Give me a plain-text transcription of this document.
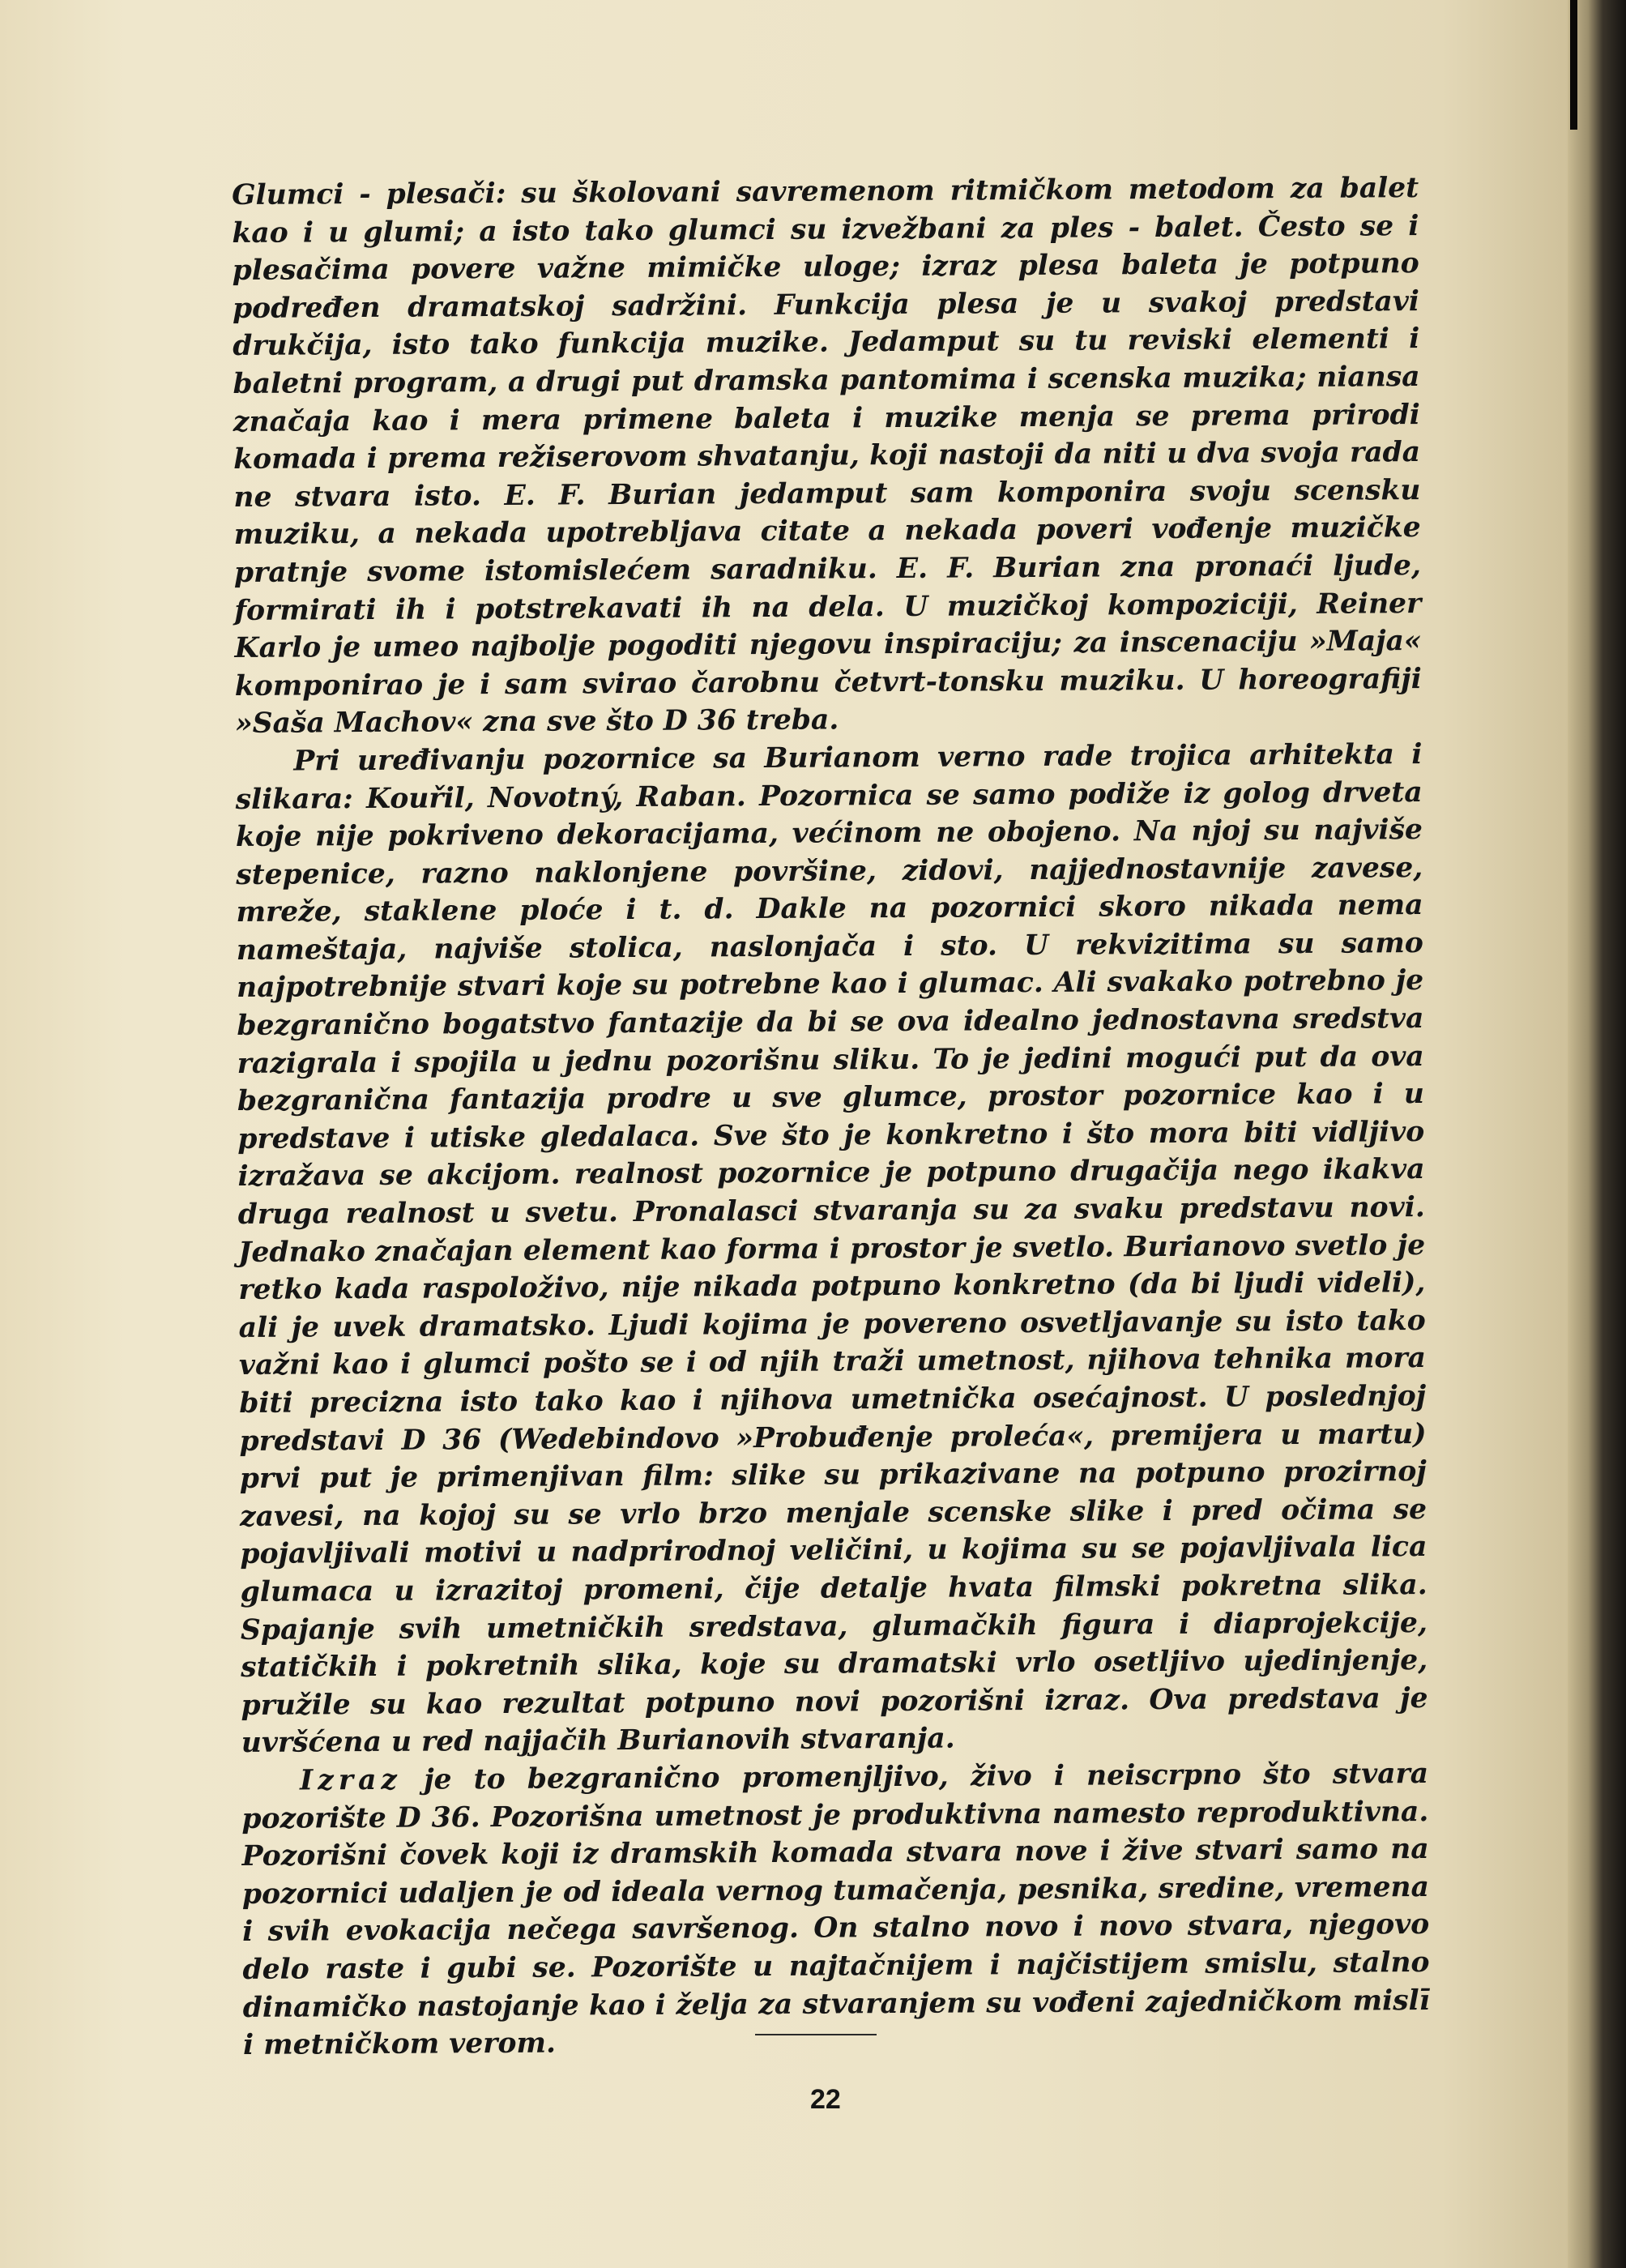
Glumci - plesači: su školovani savremenom ritmičkom metodom za balet kao i u glumi; a isto tako glumci su izvežbani za ples - balet. Često se i plesačima povere važne mimičke uloge; izraz plesa baleta je potpuno podređen dramatskoj sadržini. Funkcija plesa je u svakoj predstavi drukčija, isto tako funkcija muzike. Jedamput su tu reviski elementi i baletni program, a drugi put dramska pantomima i scenska muzika; niansa značaja kao i mera primene baleta i muzike menja se prema prirodi komada i prema režiserovom shvatanju, koji nastoji da niti u dva svoja rada ne stvara isto. E. F. Burian jedamput sam komponira svoju scensku muziku, a nekada upotrebljava citate a nekada poveri vođenje muzičke pratnje svome istomislećem saradniku. E. F. Burian zna pronaći ljude, formirati ih i potstrekavati ih na dela. U muzičkoj kompoziciji, Reiner Karlo je umeo najbolje pogoditi njegovu inspiraciju; za inscenaciju »Maja« komponirao je i sam svirao čarobnu četvrt-tonsku muziku. U horeografiji »Saša Machov« zna sve što D 36 treba.

Pri uređivanju pozornice sa Burianom verno rade trojica arhitekta i slikara: Kouřil, Novotný, Raban. Pozornica se samo podiže iz golog drveta koje nije pokriveno dekoracijama, većinom ne obojeno. Na njoj su najviše stepenice, razno naklonjene površine, zidovi, najjednostavnije zavese, mreže, staklene ploće i t. d. Dakle na pozornici skoro nikada nema nameštaja, najviše stolica, naslonjača i sto. U rekvizitima su samo najpotrebnije stvari koje su potrebne kao i glumac. Ali svakako potrebno je bezgranično bogatstvo fantazije da bi se ova idealno jednostavna sredstva razigrala i spojila u jednu pozorišnu sliku. To je jedini mogući put da ova bezgranična fantazija prodre u sve glumce, prostor pozornice kao i u predstave i utiske gledalaca. Sve što je konkretno i što mora biti vidljivo izražava se akcijom. realnost pozornice je potpuno drugačija nego ikakva druga realnost u svetu. Pronalasci stvaranja su za svaku predstavu novi. Jednako značajan element kao forma i prostor je svetlo. Burianovo svetlo je retko kada raspoloživo, nije nikada potpuno konkretno (da bi ljudi videli), ali je uvek dramatsko. Ljudi kojima je povereno osvetljavanje su isto tako važni kao i glumci pošto se i od njih traži umetnost, njihova tehnika mora biti precizna isto tako kao i njihova umetnička osećajnost. U poslednjoj predstavi D 36 (Wedebindovo »Probuđenje proleća«, premijera u martu) prvi put je primenjivan film: slike su prikazivane na potpuno prozirnoj zavesi, na kojoj su se vrlo brzo menjale scenske slike i pred očima se pojavljivali motivi u nadprirodnoj veličini, u kojima su se pojavljivala lica glumaca u izrazitoj promeni, čije detalje hvata filmski pokretna slika. Spajanje svih umetničkih sredstava, glumačkih figura i diaprojekcije, statičkih i pokretnih slika, koje su dramatski vrlo osetljivo ujedinjenje, pružile su kao rezultat potpuno novi pozorišni izraz. Ova predstava je uvršćena u red najjačih Burianovih stvaranja.

Izraz je to bezgranično promenjljivo, živo i neiscrpno što stvara pozorište D 36. Pozorišna umetnost je produktivna namesto reproduktivna. Pozorišni čovek koji iz dramskih komada stvara nove i žive stvari samo na pozornici udaljen je od ideala vernog tumačenja, pesnika, sredine, vremena i svih evokacija nečega savršenog. On stalno novo i novo stvara, njegovo delo raste i gubi se. Pozorište u najtačnijem i najčistijem smislu, stalno dinamičko nastojanje kao i želja za stvaranjem su vođeni zajedničkom mislī i metničkom verom.

22
